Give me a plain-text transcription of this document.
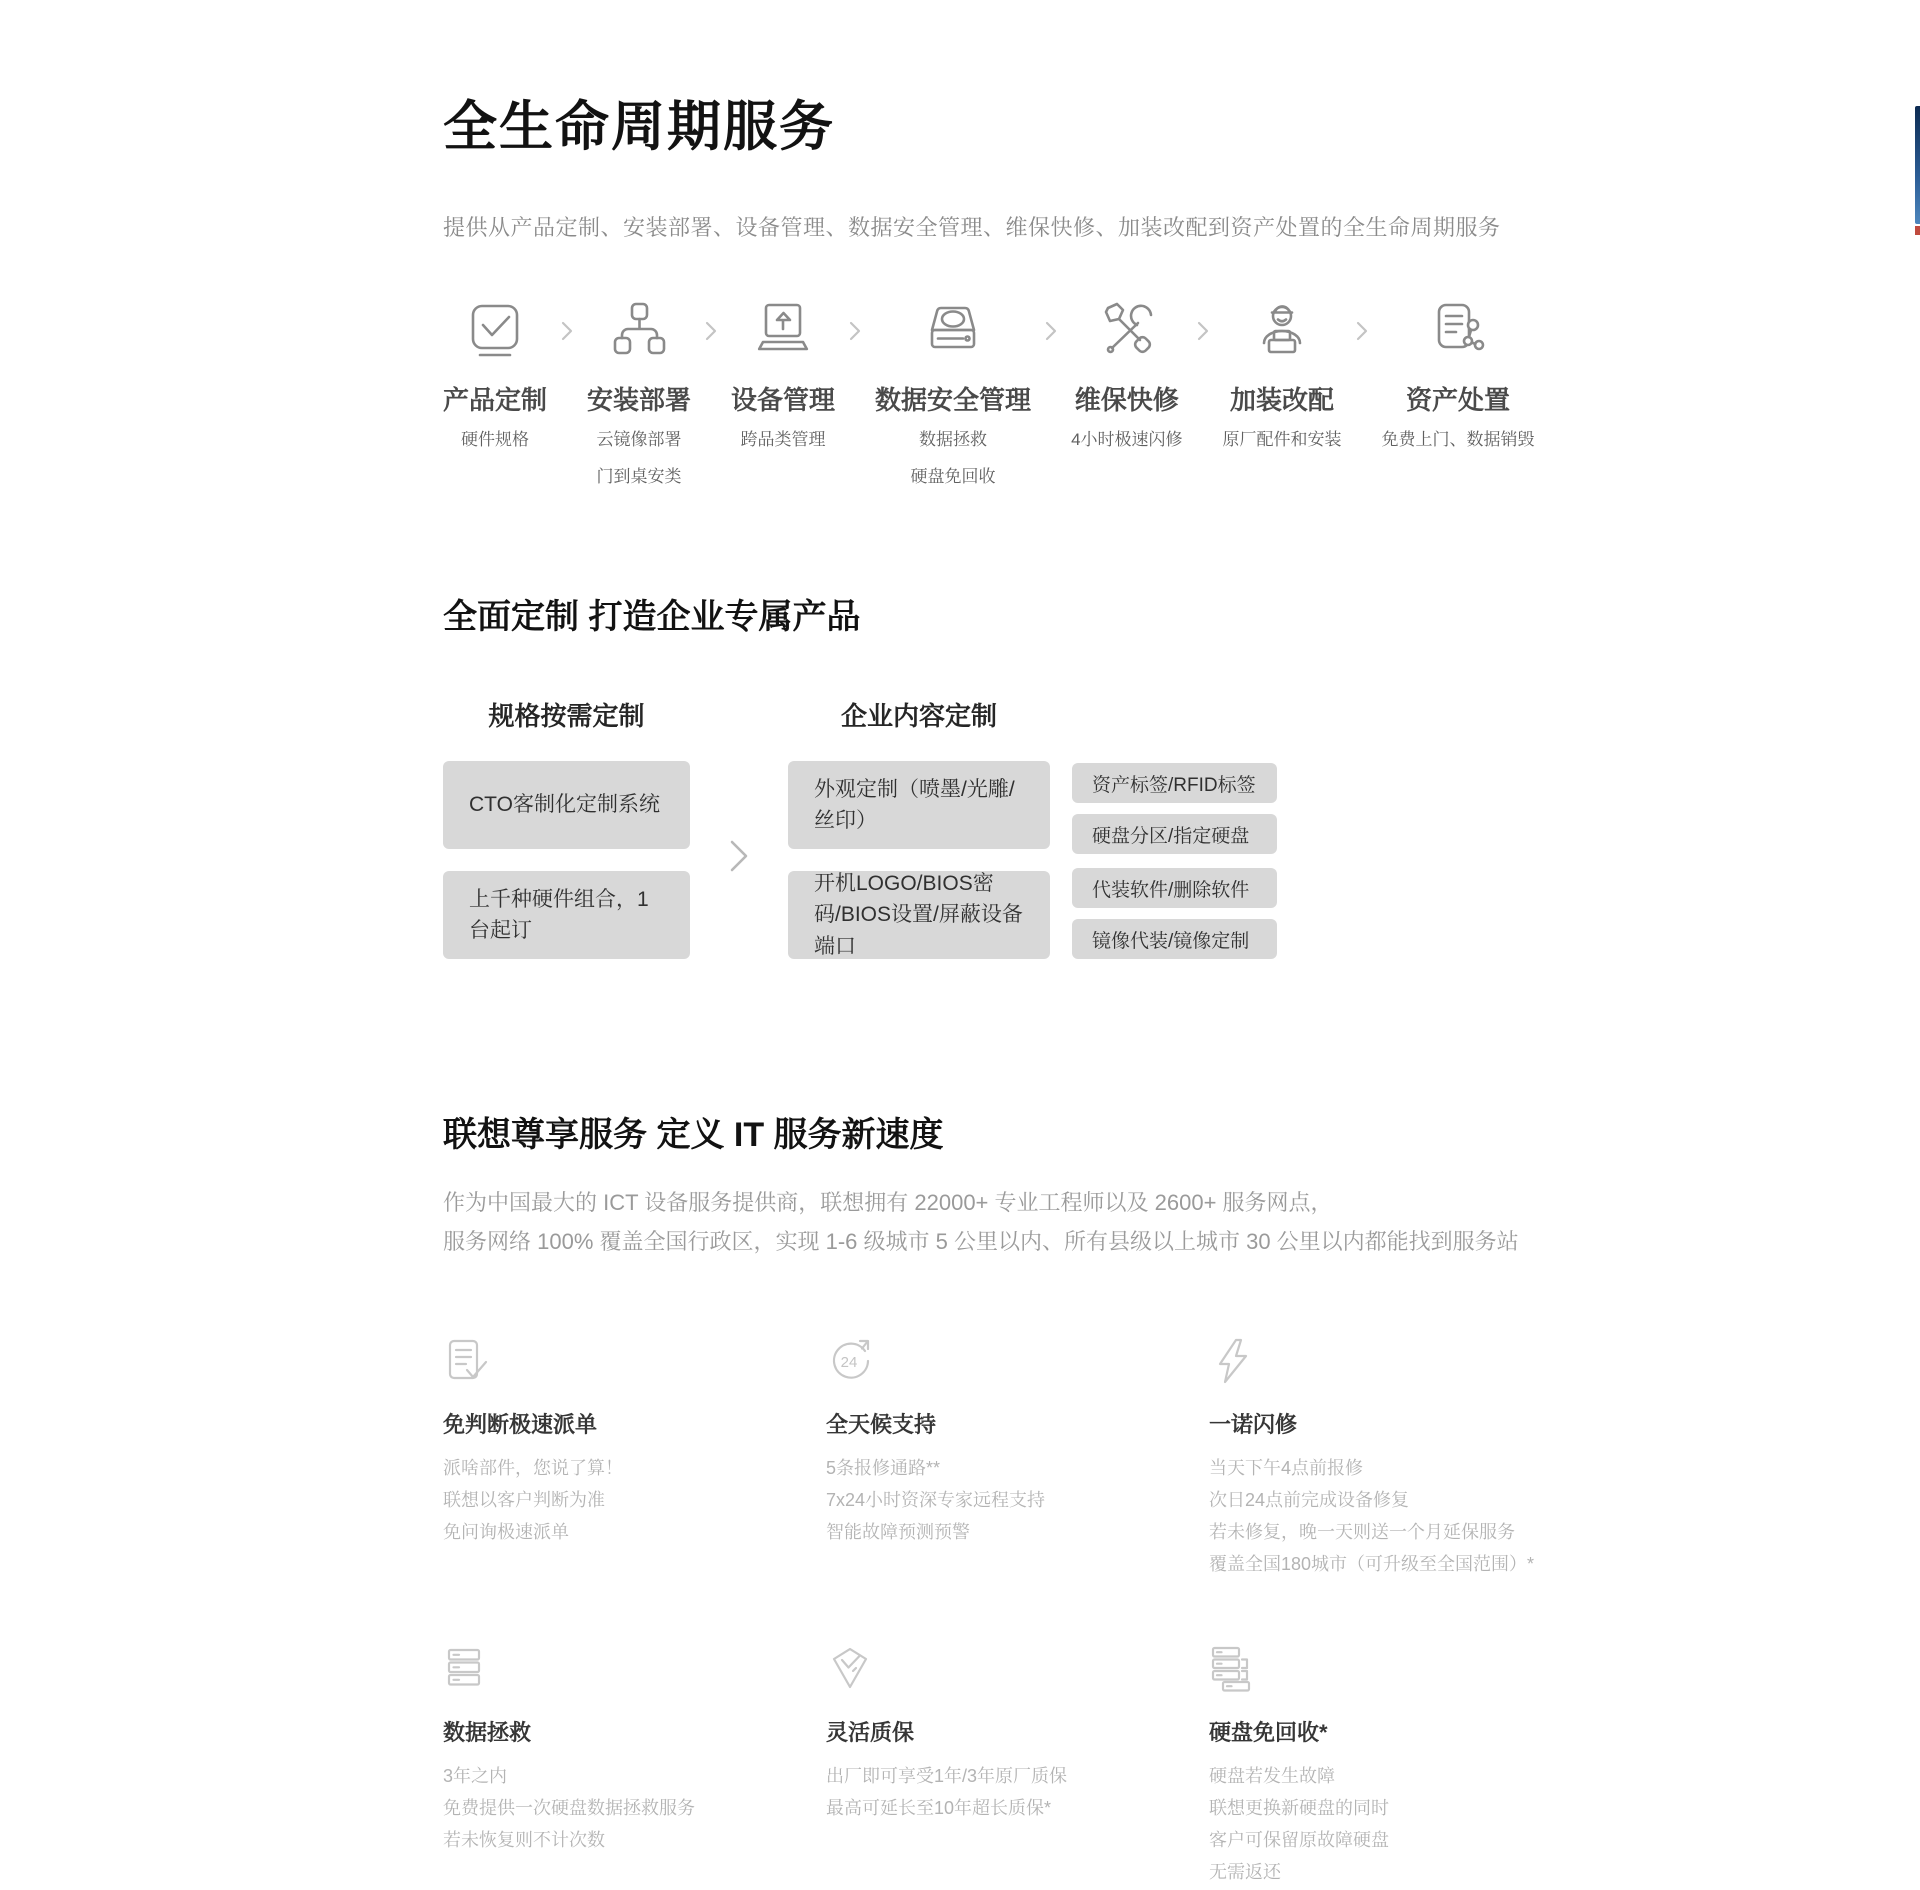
全生命周期服务
提供从产品定制、安装部署、设备管理、数据安全管理、维保快修、加装改配到资产处置的全生命周期服务
产品定制
硬件规格
安装部署
云镜像部署
门到桌安类
设备管理
跨品类管理
数据安全管理
数据拯救
硬盘免回收
维保快修
4小时极速闪修
加装改配
原厂配件和安装
资产处置
免费上门、数据销毁
全面定制 打造企业专属产品
规格按需定制
CTO客制化定制系统
上千种硬件组合，1台起订
企业内容定制
外观定制（喷墨/光雕/丝印）
开机LOGO/BIOS密码/BIOS设置/屏蔽设备端口
资产标签/RFID标签
硬盘分区/指定硬盘
代装软件/删除软件
镜像代装/镜像定制
联想尊享服务 定义 IT 服务新速度
作为中国最大的 ICT 设备服务提供商，联想拥有 22000+ 专业工程师以及 2600+ 服务网点，
服务网络 100% 覆盖全国行政区，实现 1-6 级城市 5 公里以内、所有县级以上城市 30 公里以内都能找到服务站
免判断极速派单
派啥部件，您说了算！
联想以客户判断为准
免问询极速派单
24
全天候支持
5条报修通路**
7x24小时资深专家远程支持
智能故障预测预警
一诺闪修
当天下午4点前报修
次日24点前完成设备修复
若未修复，晚一天则送一个月延保服务
覆盖全国180城市（可升级至全国范围）*
数据拯救
3年之内
免费提供一次硬盘数据拯救服务
若未恢复则不计次数
灵活质保
出厂即可享受1年/3年原厂质保
最高可延长至10年超长质保*
硬盘免回收*
硬盘若发生故障
联想更换新硬盘的同时
客户可保留原故障硬盘
无需返还
